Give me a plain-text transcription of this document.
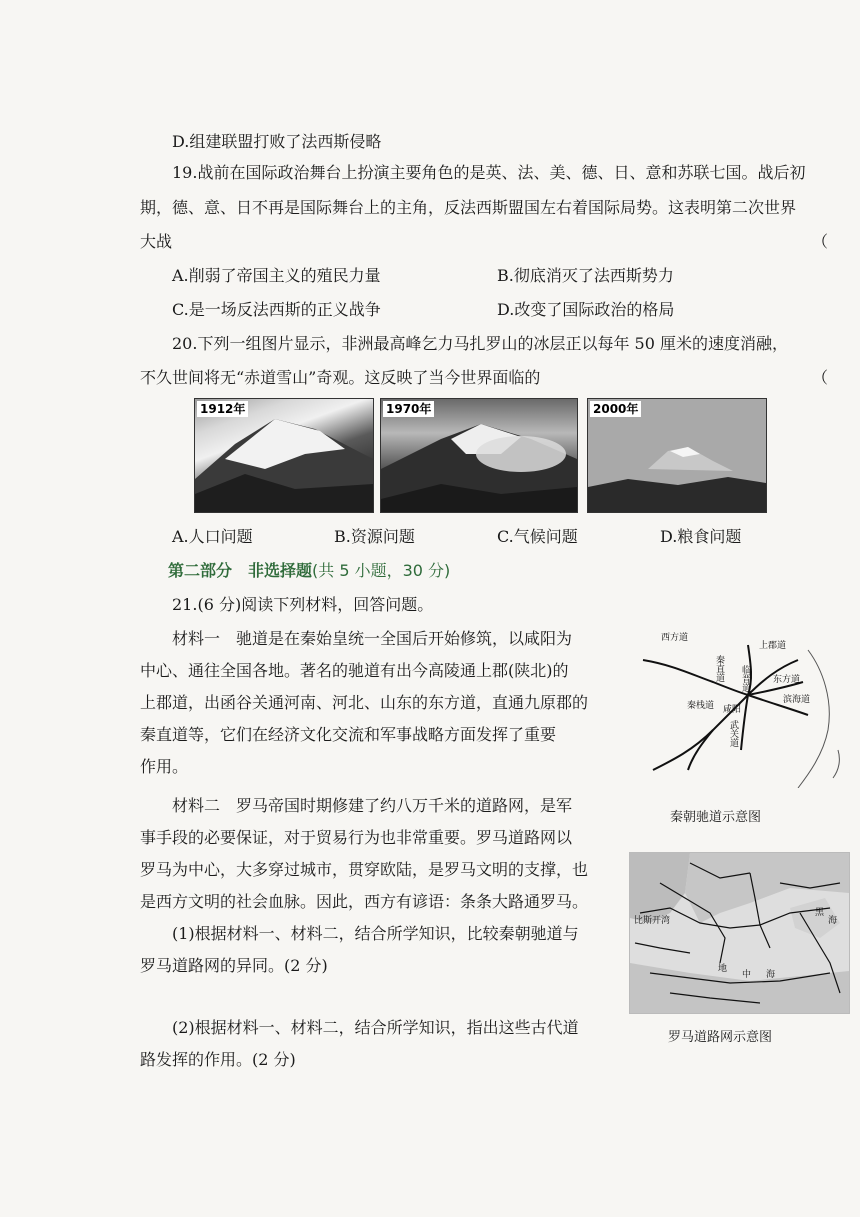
D.组建联盟打败了法西斯侵略
19.战前在国际政治舞台上扮演主要角色的是英、法、美、德、日、意和苏联七国。战后初
期，德、意、日不再是国际舞台上的主角，反法西斯盟国左右着国际局势。这表明第二次世界
大战	（
A.削弱了帝国主义的殖民力量	B.彻底消灭了法西斯势力
C.是一场反法西斯的正义战争	D.改变了国际政治的格局
20.下列一组图片显示，非洲最高峰乞力马扎罗山的冰层正以每年 50 厘米的速度消融，
不久世间将无“赤道雪山”奇观。这反映了当今世界面临的	（
1912年	1970年	2000年
A.人口问题	B.资源问题	C.气候问题	D.粮食问题
第二部分　非选择题(共 5 小题，30 分)
21.(6 分)阅读下列材料，回答问题。
材料一　驰道是在秦始皇统一全国后开始修筑，以咸阳为
中心、通往全国各地。著名的驰道有出今高陵通上郡(陕北)的
上郡道，出函谷关通河南、河北、山东的东方道，直通九原郡的
秦直道等，它们在经济文化交流和军事战略方面发挥了重要
作用。
材料二　罗马帝国时期修建了约八万千米的道路网，是军
事手段的必要保证，对于贸易行为也非常重要。罗马道路网以
罗马为中心，大多穿过城市，贯穿欧陆，是罗马文明的支撑，也
是西方文明的社会血脉。因此，西方有谚语：条条大路通罗马。
(1)根据材料一、材料二，结合所学知识，比较秦朝驰道与
罗马道路网的异同。(2 分)
(2)根据材料一、材料二，结合所学知识，指出这些古代道
路发挥的作用。(2 分)
西方道
秦直道
上郡道
临晋道	东方道
滨海道
秦栈道 咸阳
武关道
秦朝驰道示意图
比斯开湾
黑
海
地
中 海
罗马道路网示意图
